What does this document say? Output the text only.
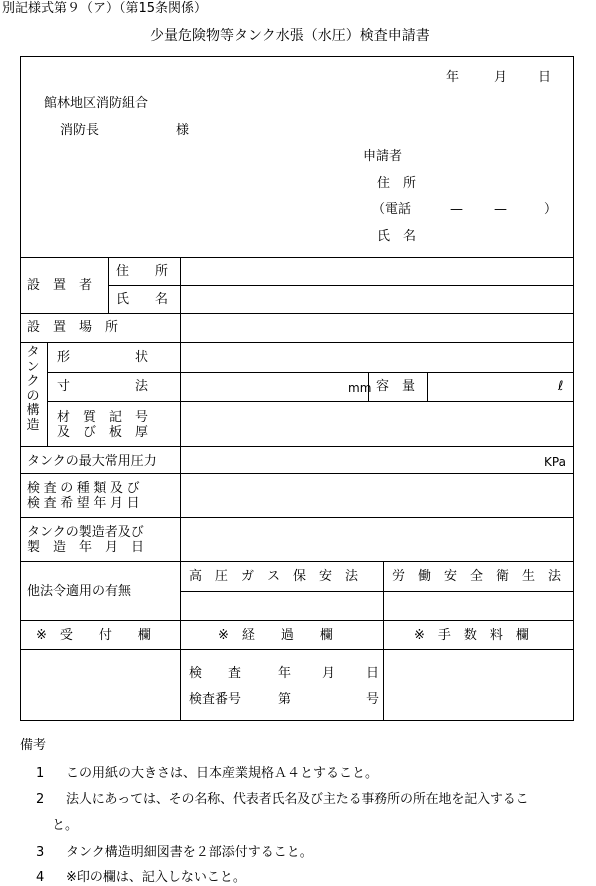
別記様式第９（ア）（第15条関係）
少量危険物等タンク水張（水圧）検査申請書
年	月 日
館林地区消防組合
消防長	様
申請者
住　所
（電話	— —	）
氏　名
設　置　者
住　　所
氏　　名
設　置　場　所
タンクの構造
形　　　　　状
寸　　　　　法	mm 容　量	ℓ
材　質　記　号
及　び　板　厚
タンクの最大常用圧力	KPa
検査の種類及び
検査希望年月日
タンクの製造者及び
製　造　年　月　日
他法令適用の有無
高　圧　ガ　ス　保　安　法	労　働　安　全　衛　生　法
※　受　　付　　欄	※　経　　過　　欄	※　手　数　料　欄
検　　査	年 月 日
検査番号	第	号
備考
1 この用紙の大きさは、日本産業規格Ａ４とすること。
2 法人にあっては、その名称、代表者氏名及び主たる事務所の所在地を記入するこ
と。
3 タンク構造明細図書を２部添付すること。
4 ※印の欄は、記入しないこと。
